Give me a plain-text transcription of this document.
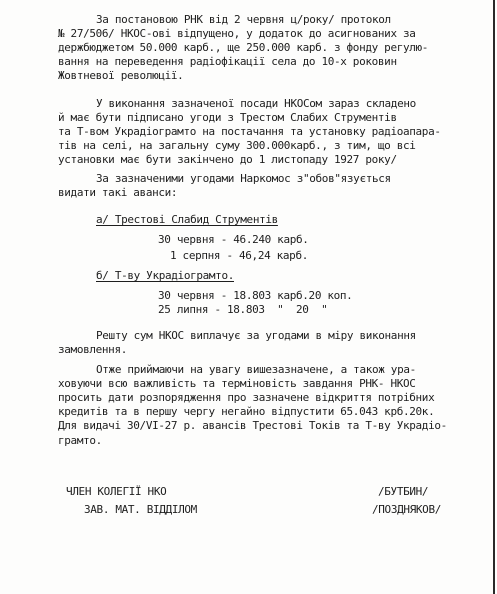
За постановою РНК від 2 червня ц/року/ протокол
№ 27/506/ НКОС-ові відпущено, у додаток до асигнованих за
держбюджетом 50.000 карб., ще 250.000 карб. з фонду регулю-
вання на переведення радіофікації села до 10-х роковин
Жовтневої революції.
У виконання зазначеної посади НКОСом зараз складено
й має бути підписано угоди з Трестом Слабих Струментів
та Т-вом Украдіогрaмто на постачання та установку радіоапара-
тів на селі, на загальну суму 300.000карб., з тим, що всі
установки має бути закінчено до 1 листопаду 1927 року/
За зазначеними угодами Наркомос з"обов"язується
видати такі аванси:
а/ Трестові Слабид Струментів
30 червня - 46.240 карб.
1 серпня - 46,24 карб.
б/ Т-ву Украдіогрaмто.
30 червня - 18.803 карб.20 коп.
25 липня - 18.803  "  20  "
Решту сум НКОС виплачує за угодами в міру виконання
замовлення.
Отже приймаючи на увагу вишезазначене, а також ура-
ховуючи всю важливість та терміновість завдання РНК- НКОС
просить дати розпорядження про зазначене відкриття потрібних
кредитів та в першу чергу негайно відпустити 65.043 крб.20к.
Для видачі 30/VI-27 р. авансів Трестові Токів та Т-ву Украдіо-
грaмто.
ЧЛЕН КОЛЕГІЇ НКО
ЗАВ. МАТ. ВІДДІЛОМ
/БУТБИН/
/ПОЗДНЯКОВ/
